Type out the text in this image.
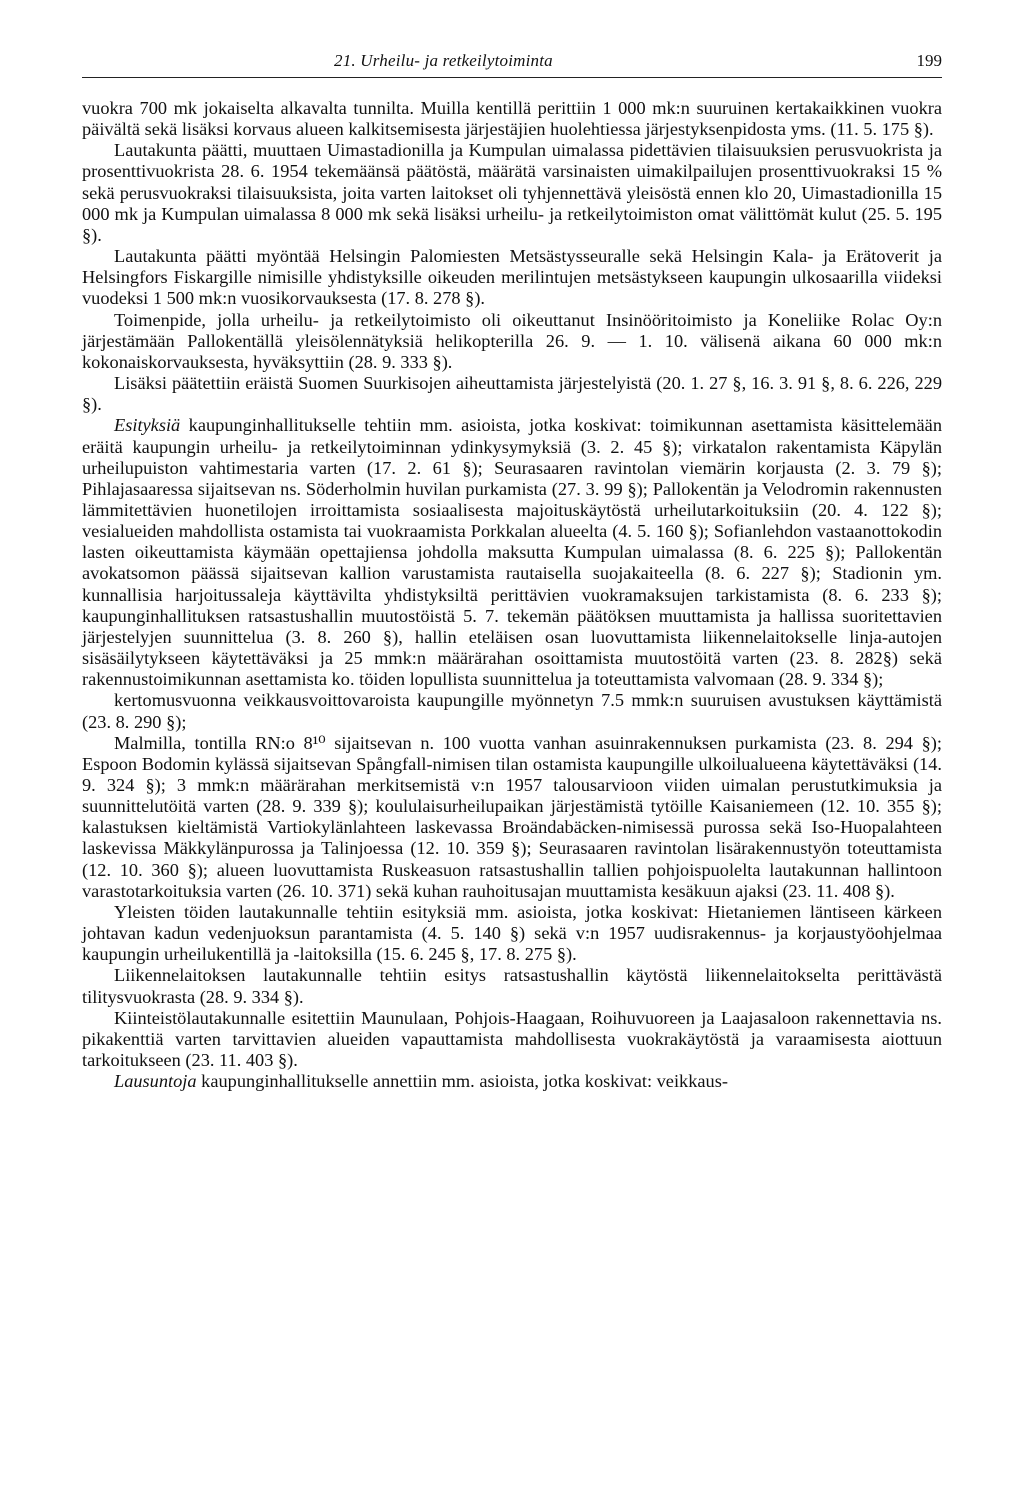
21. Urheilu- ja retkeilytoiminta	199

vuokra 700 mk jokaiselta alkavalta tunnilta. Muilla kentillä perittiin 1 000 mk:n suuruinen kertakaikkinen vuokra päivältä sekä lisäksi korvaus alueen kalkitsemisesta järjestäjien huolehtiessa järjestyksenpidosta yms. (11. 5. 175 §).

Lautakunta päätti, muuttaen Uimastadionilla ja Kumpulan uimalassa pidettävien tilaisuuksien perusvuokrista ja prosenttivuokrista 28. 6. 1954 tekemäänsä päätöstä, määrätä varsinaisten uimakilpailujen prosenttivuokraksi 15 % sekä perusvuokraksi tilaisuuksista, joita varten laitokset oli tyhjennettävä yleisöstä ennen klo 20, Uimastadionilla 15 000 mk ja Kumpulan uimalassa 8 000 mk sekä lisäksi urheilu- ja retkeilytoimiston omat välittömät kulut (25. 5. 195 §).

Lautakunta päätti myöntää Helsingin Palomiesten Metsästysseuralle sekä Helsingin Kala- ja Erätoverit ja Helsingfors Fiskargille nimisille yhdistyksille oikeuden merilintujen metsästykseen kaupungin ulkosaarilla viideksi vuodeksi 1 500 mk:n vuosikorvauksesta (17. 8. 278 §).

Toimenpide, jolla urheilu- ja retkeilytoimisto oli oikeuttanut Insinööritoimisto ja Koneliike Rolac Oy:n järjestämään Pallokentällä yleisölennätyksiä helikopterilla 26. 9. — 1. 10. välisenä aikana 60 000 mk:n kokonaiskorvauksesta, hyväksyttiin (28. 9. 333 §).

Lisäksi päätettiin eräistä Suomen Suurkisojen aiheuttamista järjestelyistä (20. 1. 27 §, 16. 3. 91 §, 8. 6. 226, 229 §).

Esityksiä kaupunginhallitukselle tehtiin mm. asioista, jotka koskivat: toimikunnan asettamista käsittelemään eräitä kaupungin urheilu- ja retkeilytoiminnan ydinkysymyksiä (3. 2. 45 §); virkatalon rakentamista Käpylän urheilupuiston vahtimestaria varten (17. 2. 61 §); Seurasaaren ravintolan viemärin korjausta (2. 3. 79 §); Pihlajasaaressa sijaitsevan ns. Söderholmin huvilan purkamista (27. 3. 99 §); Pallokentän ja Velodromin rakennusten lämmitettävien huonetilojen irroittamista sosiaalisesta majoituskäytöstä urheilutarkoituksiin (20. 4. 122 §); vesialueiden mahdollista ostamista tai vuokraamista Porkkalan alueelta (4. 5. 160 §); Sofianlehdon vastaanottokodin lasten oikeuttamista käymään opettajiensa johdolla maksutta Kumpulan uimalassa (8. 6. 225 §); Pallokentän avokatsomon päässä sijaitsevan kallion varustamista rautaisella suojakaiteella (8. 6. 227 §); Stadionin ym. kunnallisia harjoitussaleja käyttävilta yhdistyksiltä perittävien vuokramaksujen tarkistamista (8. 6. 233 §); kaupunginhallituksen ratsastushallin muutostöistä 5. 7. tekemän päätöksen muuttamista ja hallissa suoritettavien järjestelyjen suunnittelua (3. 8. 260 §), hallin eteläisen osan luovuttamista liikennelaitokselle linja-autojen sisäsäilytykseen käytettäväksi ja 25 mmk:n määrärahan osoittamista muutostöitä varten (23. 8. 282§) sekä rakennustoimikunnan asettamista ko. töiden lopullista suunnittelua ja toteuttamista valvomaan (28. 9. 334 §);

kertomusvuonna veikkausvoittovaroista kaupungille myönnetyn 7.5 mmk:n suuruisen avustuksen käyttämistä (23. 8. 290 §);

Malmilla, tontilla RN:o 8¹⁰ sijaitsevan n. 100 vuotta vanhan asuinrakennuksen purkamista (23. 8. 294 §); Espoon Bodomin kylässä sijaitsevan Spångfall-nimisen tilan ostamista kaupungille ulkoilualueena käytettäväksi (14. 9. 324 §); 3 mmk:n määrärahan merkitsemistä v:n 1957 talousarvioon viiden uimalan perustutkimuksia ja suunnittelutöitä varten (28. 9. 339 §); koululaisurheilupaikan järjestämistä tytöille Kaisaniemeen (12. 10. 355 §); kalastuksen kieltämistä Vartiokylänlahteen laskevassa Broändabäcken-nimisessä purossa sekä Iso-Huopalahteen laskevissa Mäkkylänpurossa ja Talinjoessa (12. 10. 359 §); Seurasaaren ravintolan lisärakennustyön toteuttamista (12. 10. 360 §); alueen luovuttamista Ruskeasuon ratsastushallin tallien pohjoispuolelta lautakunnan hallintoon varastotarkoituksia varten (26. 10. 371) sekä kuhan rauhoitusajan muuttamista kesäkuun ajaksi (23. 11. 408 §).

Yleisten töiden lautakunnalle tehtiin esityksiä mm. asioista, jotka koskivat: Hietaniemen läntiseen kärkeen johtavan kadun vedenjuoksun parantamista (4. 5. 140 §) sekä v:n 1957 uudisrakennus- ja korjaustyöohjelmaa kaupungin urheilukentillä ja -laitoksilla (15. 6. 245 §, 17. 8. 275 §).

Liikennelaitoksen lautakunnalle tehtiin esitys ratsastushallin käytöstä liikennelaitokselta perittävästä tilitysvuokrasta (28. 9. 334 §).

Kiinteistölautakunnalle esitettiin Maunulaan, Pohjois-Haagaan, Roihuvuoreen ja Laajasaloon rakennettavia ns. pikakenttiä varten tarvittavien alueiden vapauttamista mahdollisesta vuokrakäytöstä ja varaamisesta aiottuun tarkoitukseen (23. 11. 403 §).

Lausuntoja kaupunginhallitukselle annettiin mm. asioista, jotka koskivat: veikkaus-
